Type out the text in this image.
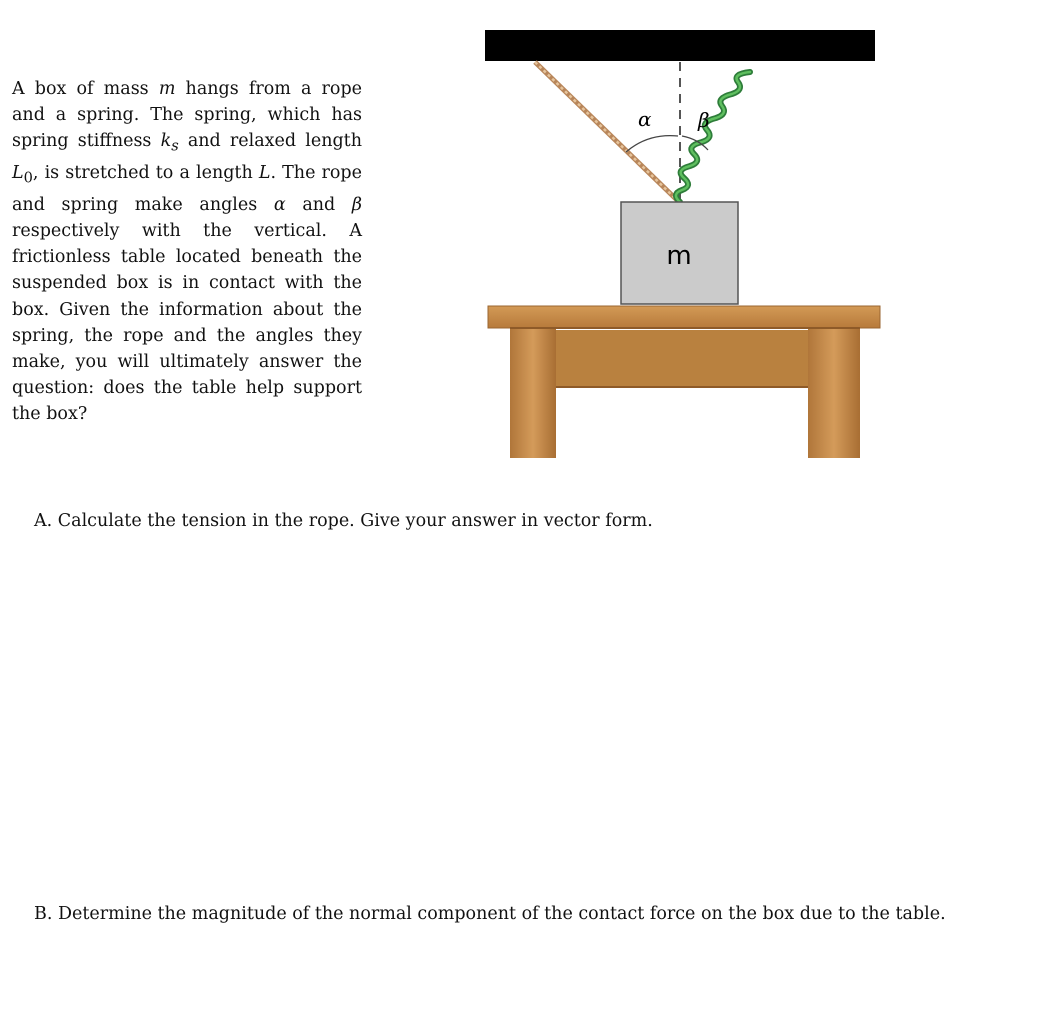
A box of mass m hangs from a rope and a spring. The spring, which has spring stiffness $k_s$ and relaxed length $L_0$, is stretched to a length L. The rope and spring make angles α and β respectively with the vertical. A frictionless table located beneath the suspended box is in contact with the box. Given the information about the spring, the rope and the angles they make, you will ultimately answer the question: does the table help support the box?
α β
m
A. Calculate the tension in the rope. Give your answer in vector form.
B. Determine the magnitude of the normal component of the contact force on the box due to the table.
